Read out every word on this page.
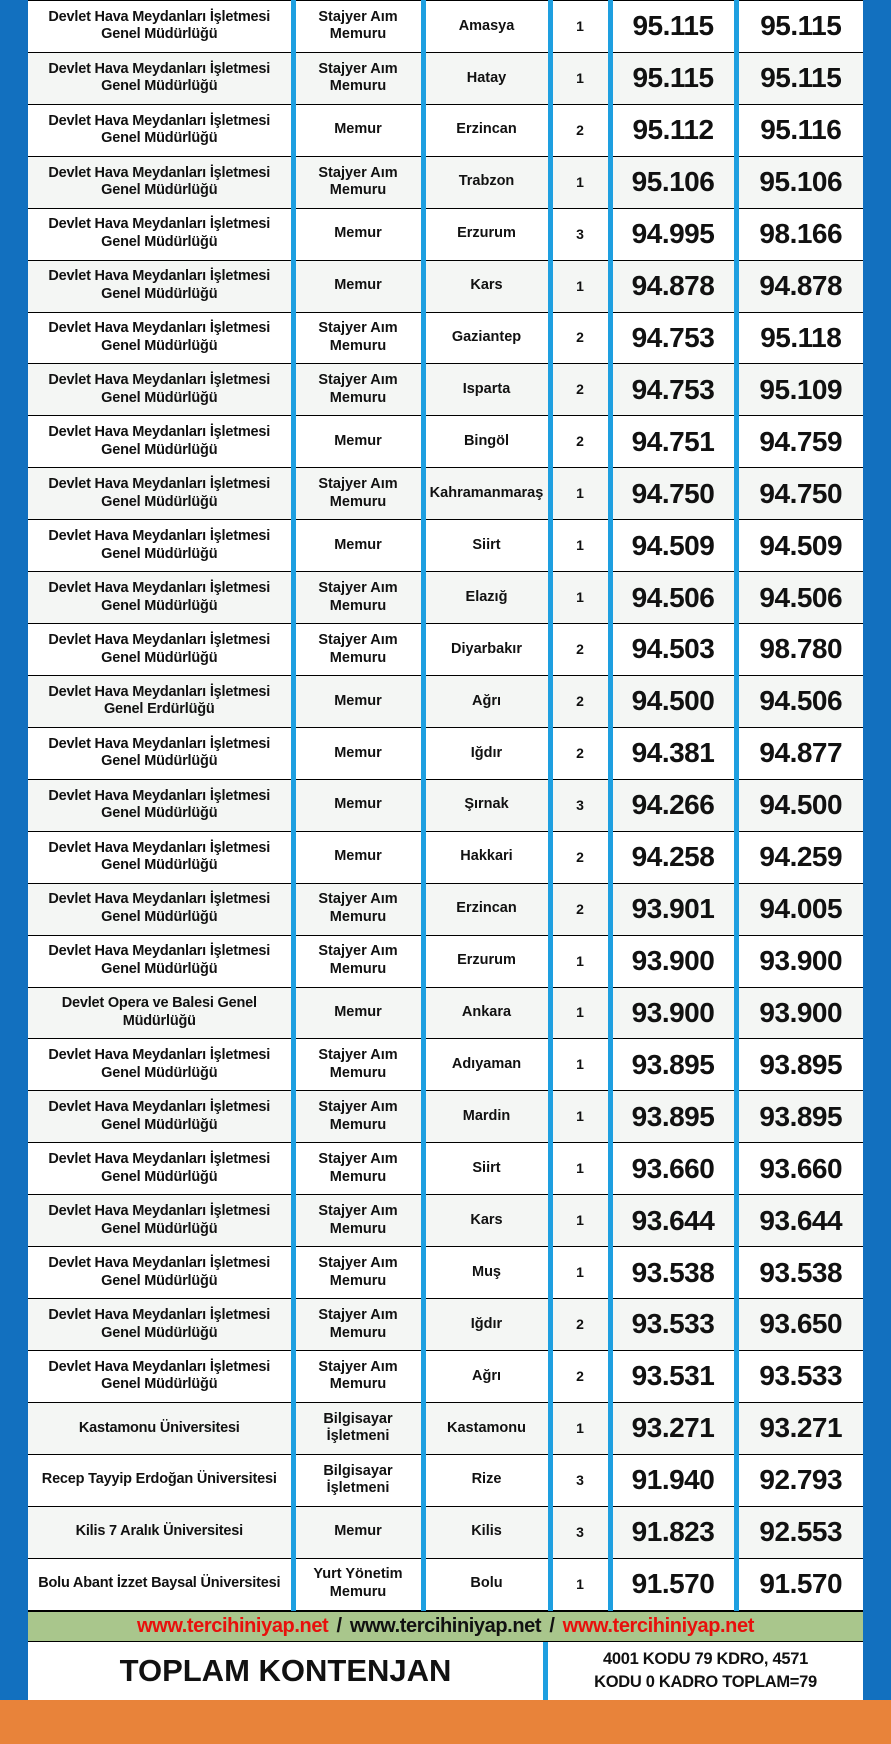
Devlet Hava Meydanları İşletmesi Genel Müdürlüğü	Stajyer Aım Memuru	Amasya	1	95.115	95.115
Devlet Hava Meydanları İşletmesi Genel Müdürlüğü	Stajyer Aım Memuru	Hatay	1	95.115	95.115
Devlet Hava Meydanları İşletmesi Genel Müdürlüğü	Memur	Erzincan	2	95.112	95.116
Devlet Hava Meydanları İşletmesi Genel Müdürlüğü	Stajyer Aım Memuru	Trabzon	1	95.106	95.106
Devlet Hava Meydanları İşletmesi Genel Müdürlüğü	Memur	Erzurum	3	94.995	98.166
Devlet Hava Meydanları İşletmesi Genel Müdürlüğü	Memur	Kars	1	94.878	94.878
Devlet Hava Meydanları İşletmesi Genel Müdürlüğü	Stajyer Aım Memuru	Gaziantep	2	94.753	95.118
Devlet Hava Meydanları İşletmesi Genel Müdürlüğü	Stajyer Aım Memuru	Isparta	2	94.753	95.109
Devlet Hava Meydanları İşletmesi Genel Müdürlüğü	Memur	Bingöl	2	94.751	94.759
Devlet Hava Meydanları İşletmesi Genel Müdürlüğü	Stajyer Aım Memuru	Kahramanmaraş	1	94.750	94.750
Devlet Hava Meydanları İşletmesi Genel Müdürlüğü	Memur	Siirt	1	94.509	94.509
Devlet Hava Meydanları İşletmesi Genel Müdürlüğü	Stajyer Aım Memuru	Elazığ	1	94.506	94.506
Devlet Hava Meydanları İşletmesi Genel Müdürlüğü	Stajyer Aım Memuru	Diyarbakır	2	94.503	98.780
Devlet Hava Meydanları İşletmesi Genel Erdürlüğü	Memur	Ağrı	2	94.500	94.506
Devlet Hava Meydanları İşletmesi Genel Müdürlüğü	Memur	Iğdır	2	94.381	94.877
Devlet Hava Meydanları İşletmesi Genel Müdürlüğü	Memur	Şırnak	3	94.266	94.500
Devlet Hava Meydanları İşletmesi Genel Müdürlüğü	Memur	Hakkari	2	94.258	94.259
Devlet Hava Meydanları İşletmesi Genel Müdürlüğü	Stajyer Aım Memuru	Erzincan	2	93.901	94.005
Devlet Hava Meydanları İşletmesi Genel Müdürlüğü	Stajyer Aım Memuru	Erzurum	1	93.900	93.900
Devlet Opera ve Balesi Genel Müdürlüğü	Memur	Ankara	1	93.900	93.900
Devlet Hava Meydanları İşletmesi Genel Müdürlüğü	Stajyer Aım Memuru	Adıyaman	1	93.895	93.895
Devlet Hava Meydanları İşletmesi Genel Müdürlüğü	Stajyer Aım Memuru	Mardin	1	93.895	93.895
Devlet Hava Meydanları İşletmesi Genel Müdürlüğü	Stajyer Aım Memuru	Siirt	1	93.660	93.660
Devlet Hava Meydanları İşletmesi Genel Müdürlüğü	Stajyer Aım Memuru	Kars	1	93.644	93.644
Devlet Hava Meydanları İşletmesi Genel Müdürlüğü	Stajyer Aım Memuru	Muş	1	93.538	93.538
Devlet Hava Meydanları İşletmesi Genel Müdürlüğü	Stajyer Aım Memuru	Iğdır	2	93.533	93.650
Devlet Hava Meydanları İşletmesi Genel Müdürlüğü	Stajyer Aım Memuru	Ağrı	2	93.531	93.533
Kastamonu Üniversitesi	Bilgisayar İşletmeni	Kastamonu	1	93.271	93.271
Recep Tayyip Erdoğan Üniversitesi	Bilgisayar İşletmeni	Rize	3	91.940	92.793
Kilis 7 Aralık Üniversitesi	Memur	Kilis	3	91.823	92.553
Bolu Abant İzzet Baysal Üniversitesi	Yurt Yönetim Memuru	Bolu	1	91.570	91.570
www.tercihiniyap.net / www.tercihiniyap.net / www.tercihiniyap.net
TOPLAM KONTENJAN	4001 KODU 79 KDRO, 4571
KODU 0 KADRO TOPLAM=79
